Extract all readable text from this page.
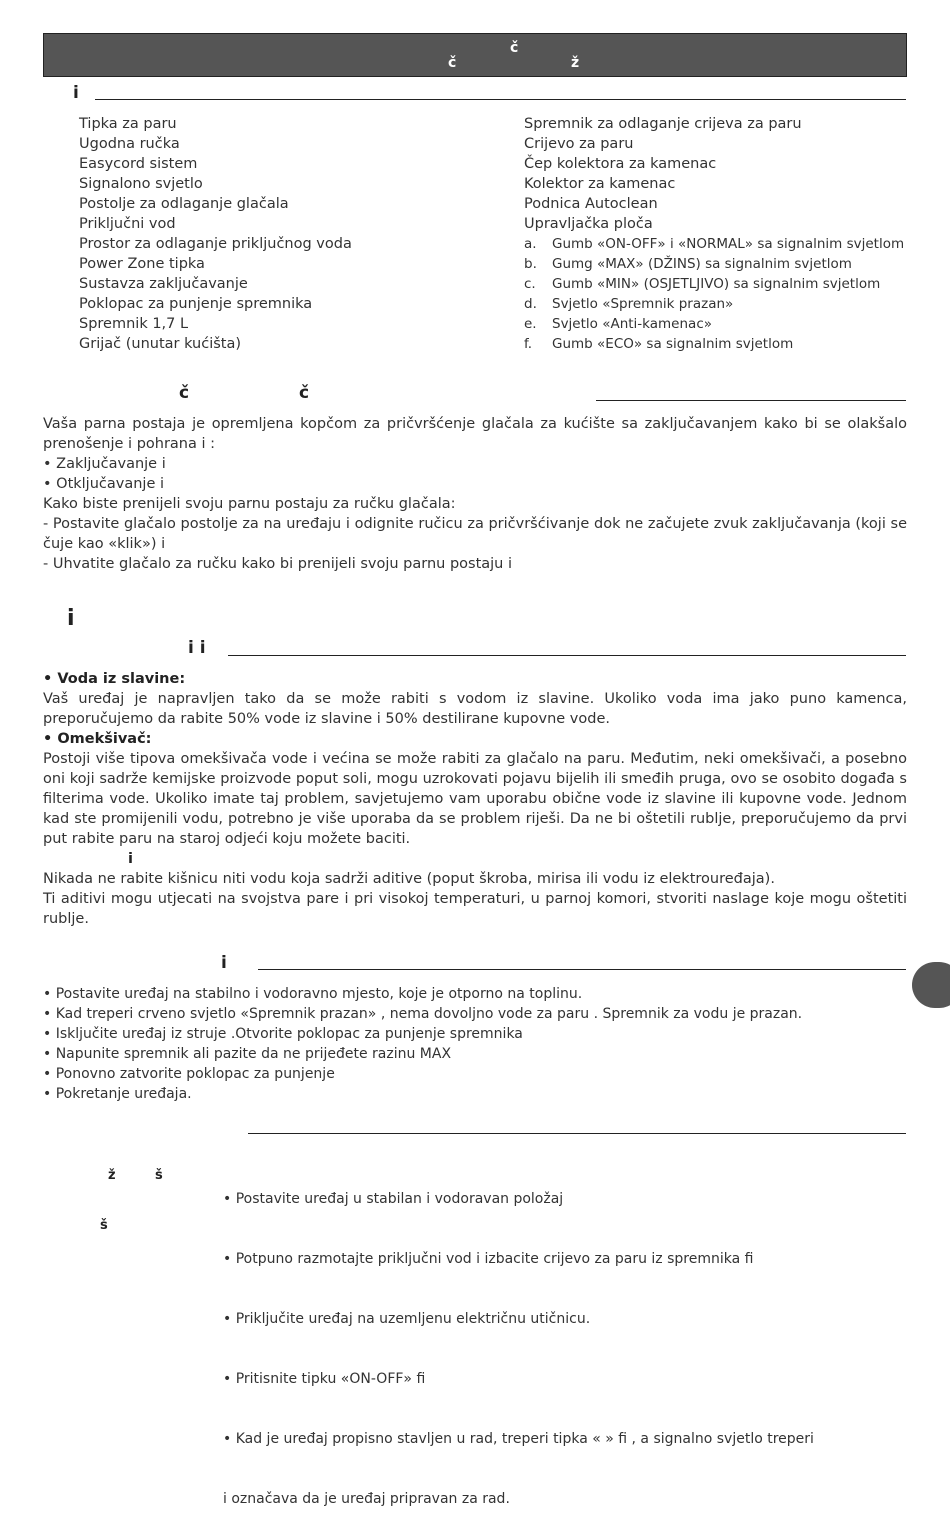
č
č	ž
i
Tipka za paru
Ugodna ručka
Easycord sistem
Signalono svjetlo
Postolje za odlaganje glačala
Priključni vod
Prostor za odlaganje priključnog voda
Power Zone tipka
Sustavza zaključavanje
Poklopac za punjenje spremnika
Spremnik 1,7 L
Grijač (unutar kućišta)
Spremnik za odlaganje crijeva za paru
Crijevo za paru
Čep kolektora za kamenac
Kolektor za kamenac
Podnica Autoclean
Upravljačka ploča
a.	Gumb «ON-OFF» i «NORMAL» sa signalnim svjetlom
b.	Gumg «MAX» (DŽINS) sa signalnim svjetlom
c.	Gumb «MIN» (OSJETLJIVO) sa signalnim svjetlom
d.	Svjetlo «Spremnik prazan»
e.	Svjetlo «Anti-kamenac»
f.	Gumb «ECO» sa signalnim svjetlom
č	č
Vaša parna postaja je opremljena kopčom za pričvršćenje glačala za kućište sa zaključavanjem kako bi se olakšalo prenošenje i pohrana i :
• Zaključavanje i
• Otključavanje i
Kako biste prenijeli svoju parnu postaju za ručku glačala:
- Postavite glačalo postolje za na uređaju i odignite ručicu za pričvršćivanje dok ne začujete zvuk zaključavanja (koji se čuje kao «klik») i
- Uhvatite glačalo za ručku kako bi prenijeli svoju parnu postaju i
i
i i
• Voda iz slavine:
Vaš uređaj je napravljen tako da se može rabiti s vodom iz slavine. Ukoliko voda ima jako puno kamenca, preporučujemo da rabite 50% vode iz slavine i 50% destilirane kupovne vode.
• Omekšivač:
Postoji više tipova omekšivača vode i većina se može rabiti za glačalo na paru. Međutim, neki omekšivači, a posebno oni koji sadrže kemijske proizvode poput soli, mogu uzrokovati pojavu bijelih ili smeđih pruga, ovo se osobito događa s filterima vode. Ukoliko imate taj problem, savjetujemo vam uporabu obične vode iz slavine ili kupovne vode. Jednom kad ste promijenili vodu, potrebno je više uporaba da se problem riješi. Da ne bi oštetili rublje, preporučujemo da prvi put rabite paru na staroj odjeći koju možete baciti.
i
Nikada ne rabite kišnicu niti vodu koja sadrži aditive (poput škroba, mirisa ili vodu iz elektrouređaja).
Ti aditivi mogu utjecati na svojstva pare i pri visokoj temperaturi, u parnoj komori, stvoriti naslage koje mogu oštetiti rublje.
i
• Postavite uređaj na stabilno i vodoravno mjesto, koje je otporno na toplinu.
• Kad treperi crveno svjetlo «Spremnik prazan» , nema dovoljno vode za paru . Spremnik za vodu je prazan.
• Isključite uređaj iz struje .Otvorite poklopac za punjenje spremnika
• Napunite spremnik ali pazite da ne prijeđete razinu MAX
• Ponovno zatvorite poklopac za punjenje
• Pokretanje uređaja.
ž	š
š

• Postavite uređaj u stabilan i vodoravan položaj

• Potpuno razmotajte priključni vod i izbacite crijevo za paru iz spremnika fi

• Priključite uređaj na uzemljenu električnu utičnicu.

• Pritisnite tipku «ON-OFF» fi

• Kad je uređaj propisno stavljen u rad, treperi tipka « » fi , a signalno svjetlo treperi

i označava da je uređaj pripravan za rad.
